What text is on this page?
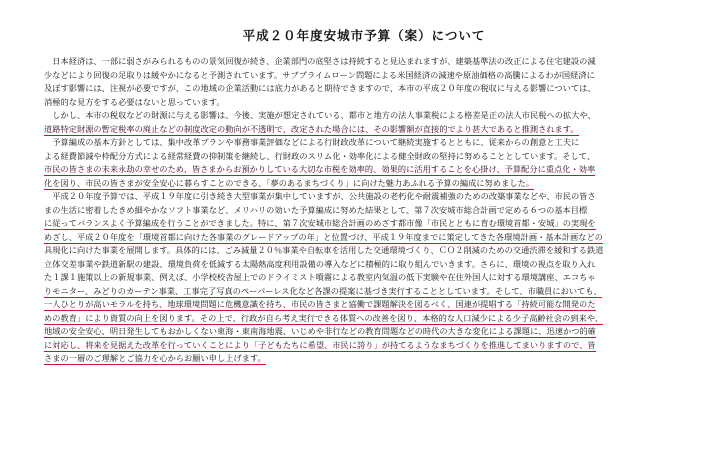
平成２０年度安城市予算（案）について
　日本経済は、一部に弱さがみられるものの景気回復が続き、企業部門の底堅さは持続すると見込まれますが、建築基準法の改正による住宅建設の減
少などにより回復の足取りは緩やかになると予測されています。サブプライムローン問題による米国経済の減速や原油価格の高騰によるわが国経済に
及ぼす影響には、注視が必要ですが、この地域の企業活動には底力があると期待できますので、本市の平成２０年度の税収に与える影響については、
消極的な見方をする必要はないと思っています。
　しかし、本市の税収などの財源に与える影響は、今後、実施が想定されている、都市と地方の法人事業税による格差是正の法人市民税への拡大や、
道路特定財源の暫定税率の廃止などの制度改定の動向が不透明で、改定された場合には、その影響額が直接的でより甚大であると推測されます。
　予算編成の基本方針としては、集中改革プランや事務事業評価などによる行財政改革について継続実施するとともに、従来からの創意と工夫に
よる経費節減や枠配分方式による経常経費の抑制策を継続し、行財政のスリム化・効率化による健全財政の堅持に努めることとしています。そして、
市民の皆さまの未来永劫の幸せのため、皆さまからお預かりしている大切な市税を効率的、効果的に活用することを心掛け、予算配分に重点化・効率
化を図り、市民の皆さまが安全安心に暮らすことのできる、「夢のあるまちづくり」に向けた魅力あふれる予算の編成に努めました。
　平成２０年度予算では、平成１９年度に引き続き大型事業が集中していますが、公共施設の老朽化や耐震補強のための改築事業などや、市民の皆さ
まの生活に密着したきめ細やかなソフト事業など、メリハリの効いた予算編成に努めた結果として、第７次安城市総合計画で定める６つの基本目標
に従ってバランスよく予算編成を行うことができました。特に、第７次安城市総合計画のめざす都市像「市民とともに育む環境首都・安城」の実現を
めざし、平成２０年度を「環境首都に向けた各事業のグレードアップの年」と位置づけ、平成１９年度までに策定してきた各環境計画・基本計画などの
具現化に向けた事業を展開します。具体的には、ごみ減量２０％事業や自転車を活用した交通環境づくり、ＣＯ２削減のための交通渋滞を緩和する鉄道
立体交差事業や鉄道新駅の建設、環境負荷を低減する太陽熱高度利用設備の導入などに積極的に取り組んでいきます。さらに、環境の視点を取り入れ
た１課１施策以上の新規事業、例えば、小学校校舎屋上でのドライミスト噴霧による教室内気温の低下実験や在住外国人に対する環境講座、エコちゃ
りモニター、みどりのカーテン事業、工事完了写真のペーパーレス化など各課の提案に基づき実行することとしています。そして、市職員においても、
一人ひとりが高いモラルを持ち、地球環境問題に危機意識を持ち、市民の皆さまと協働で課題解決を図るべく、国連が提唱する「持続可能な開発のた
めの教育」により資質の向上を図ります。その上で、行政が自ら考え実行できる体質への改善を図り、本格的な人口減少による少子高齢社会の到来や、
地域の安全安心、明日発生してもおかしくない東海・東南海地震、いじめや非行などの教育問題などの時代の大きな変化による課題に、迅速かつ的確
に対応し、将来を見据えた改革を行っていくことにより「子どもたちに希望、市民に誇り」が持てるようなまちづくりを推進してまいりますので、皆
さまの一層のご理解とご協力を心からお願い申し上げます。
